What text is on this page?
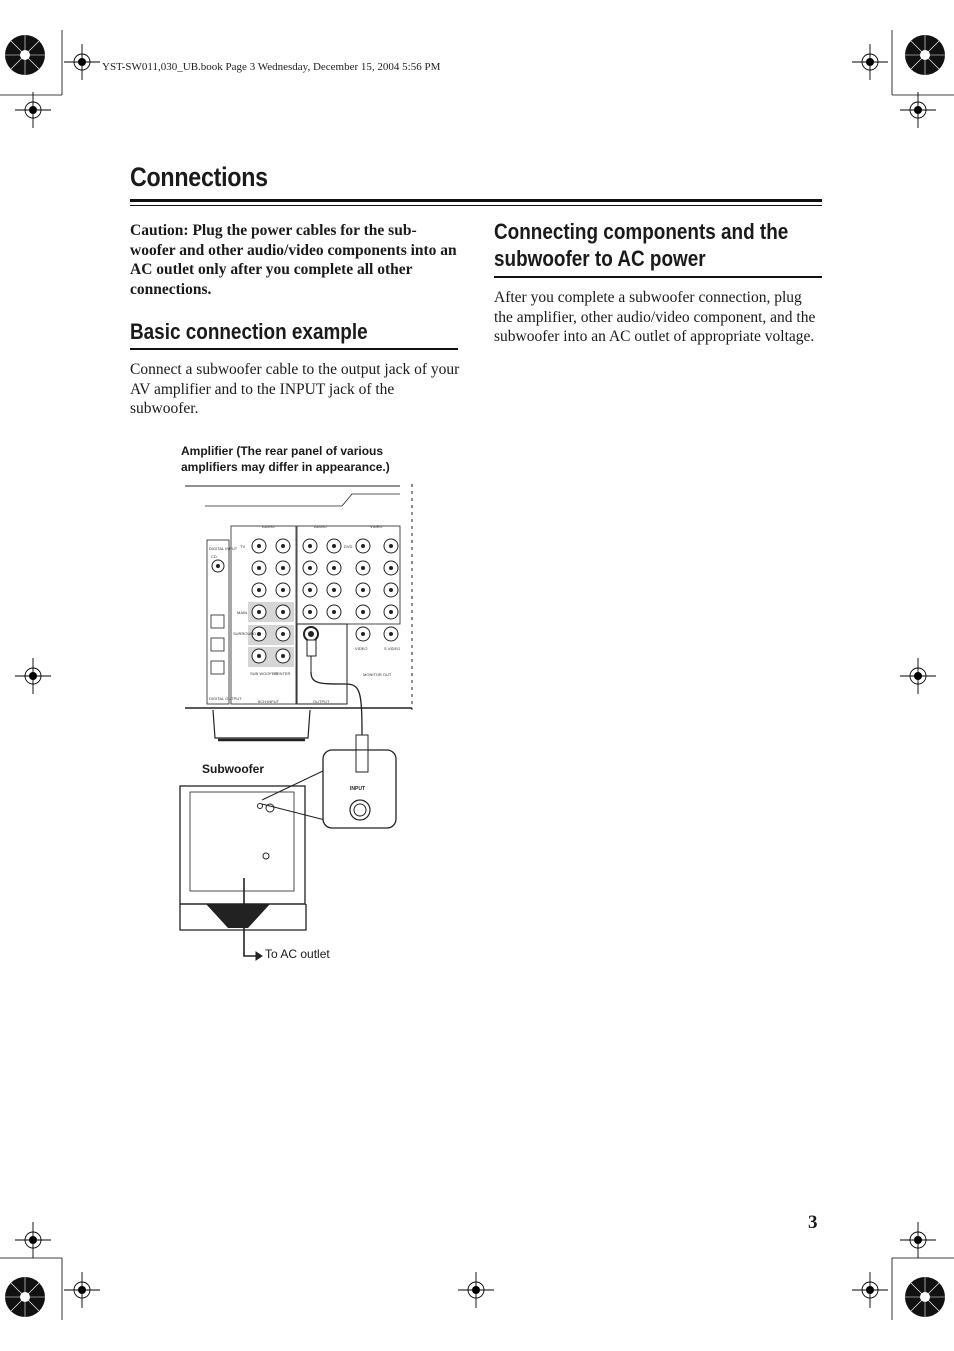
YST-SW011,030_UB.book Page 3 Wednesday, December 15, 2004 5:56 PM
Connections

Caution: Plug the power cables for the sub-woofer and other audio/video components into an AC outlet only after you complete all other connections.

Basic connection example

Connect a subwoofer cable to the output jack of your AV amplifier and to the INPUT jack of the subwoofer.

Connecting components and the subwoofer to AC power

After you complete a subwoofer connection, plug the amplifier, other audio/video component, and the subwoofer into an AC outlet of appropriate voltage.

Amplifier (The rear panel of various amplifiers may differ in appearance.)

AUDIO	AUDIO	VIDEO
DIGITAL INPUT
CD
TV	DVD
MAIN
SURROUND
SUB WOOFER
CENTER
DIGITAL OUTPUT
6CH INPUT	OUTPUT
MONITOR OUT
VIDEO	S VIDEO
INPUT
Subwoofer
To AC outlet
3
